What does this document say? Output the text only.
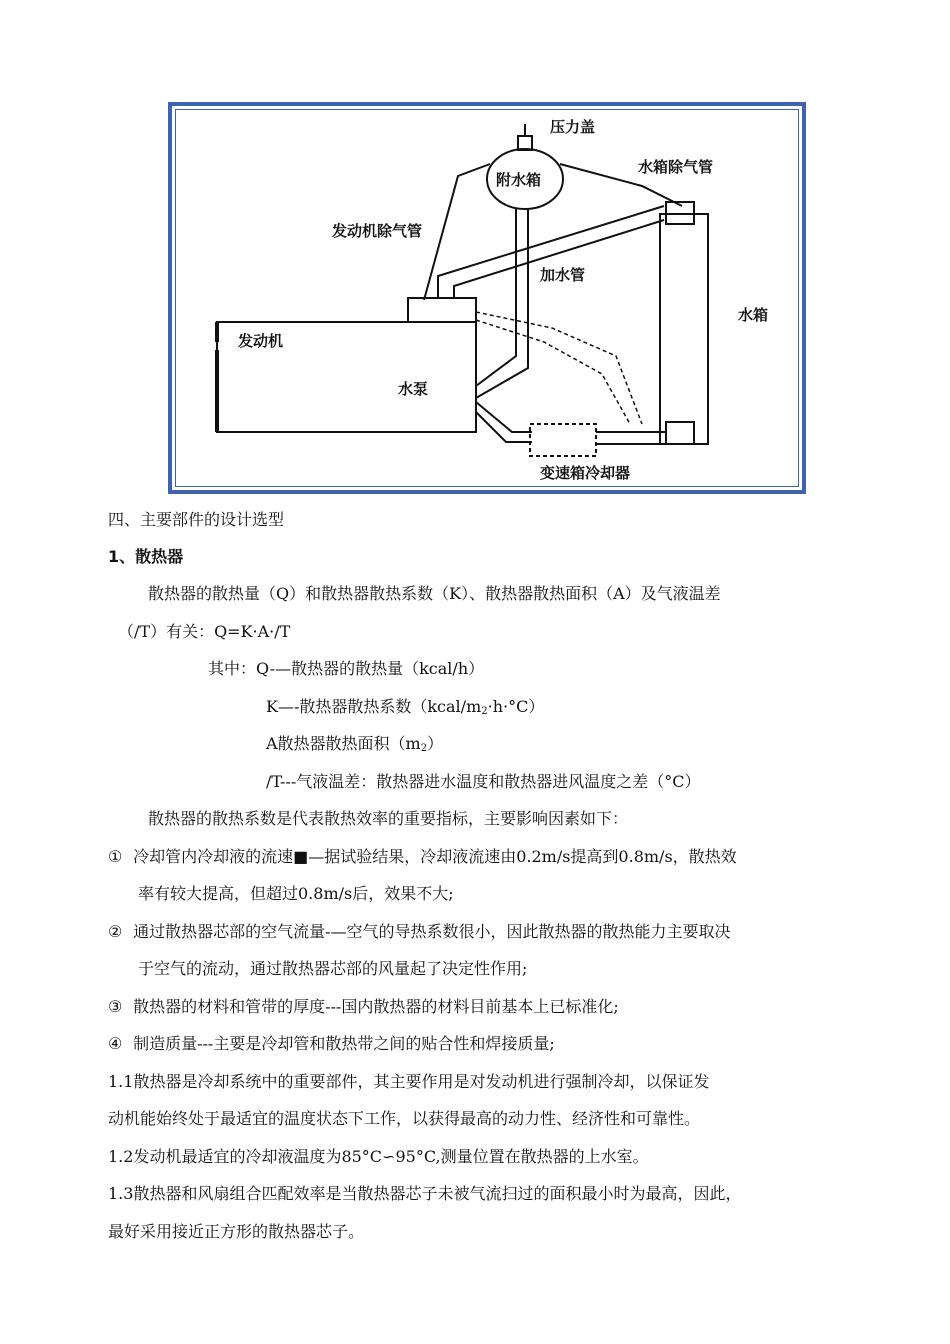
压力盖
附水箱
水箱除气管
发动机除气管
加水管
水箱
发动机
水泵
变速箱冷却器
四、主要部件的设计选型
1、散热器
散热器的散热量（Q）和散热器散热系数（K）、散热器散热面积（A）及气液温差
（/T）有关：Q=K·A·/T
其中：Q-—散热器的散热量（kcal/h）
K—-散热器散热系数$(kcal/m_2\cdot h\cdot^\circ C)$
A散热器散热面积$(m_2)$
/T---气液温差：散热器进水温度和散热器进风温度之差（°C）
散热器的散热系数是代表散热效率的重要指标，主要影响因素如下：
① 冷却管内冷却液的流速■—据试验结果，冷却液流速由0.2m/s提高到0.8m/s，散热效
率有较大提高，但超过0.8m/s后，效果不大;
② 通过散热器芯部的空气流量-—空气的导热系数很小，因此散热器的散热能力主要取决
于空气的流动，通过散热器芯部的风量起了决定性作用;
③ 散热器的材料和管带的厚度---国内散热器的材料目前基本上已标准化;
④ 制造质量---主要是冷却管和散热带之间的贴合性和焊接质量;
1.1散热器是冷却系统中的重要部件，其主要作用是对发动机进行强制冷却，以保证发
动机能始终处于最适宜的温度状态下工作，以获得最高的动力性、经济性和可靠性。
1.2发动机最适宜的冷却液温度为85°C∽95°C,测量位置在散热器的上水室。
1.3散热器和风扇组合匹配效率是当散热器芯子未被气流扫过的面积最小时为最高，因此，
最好采用接近正方形的散热器芯子。
